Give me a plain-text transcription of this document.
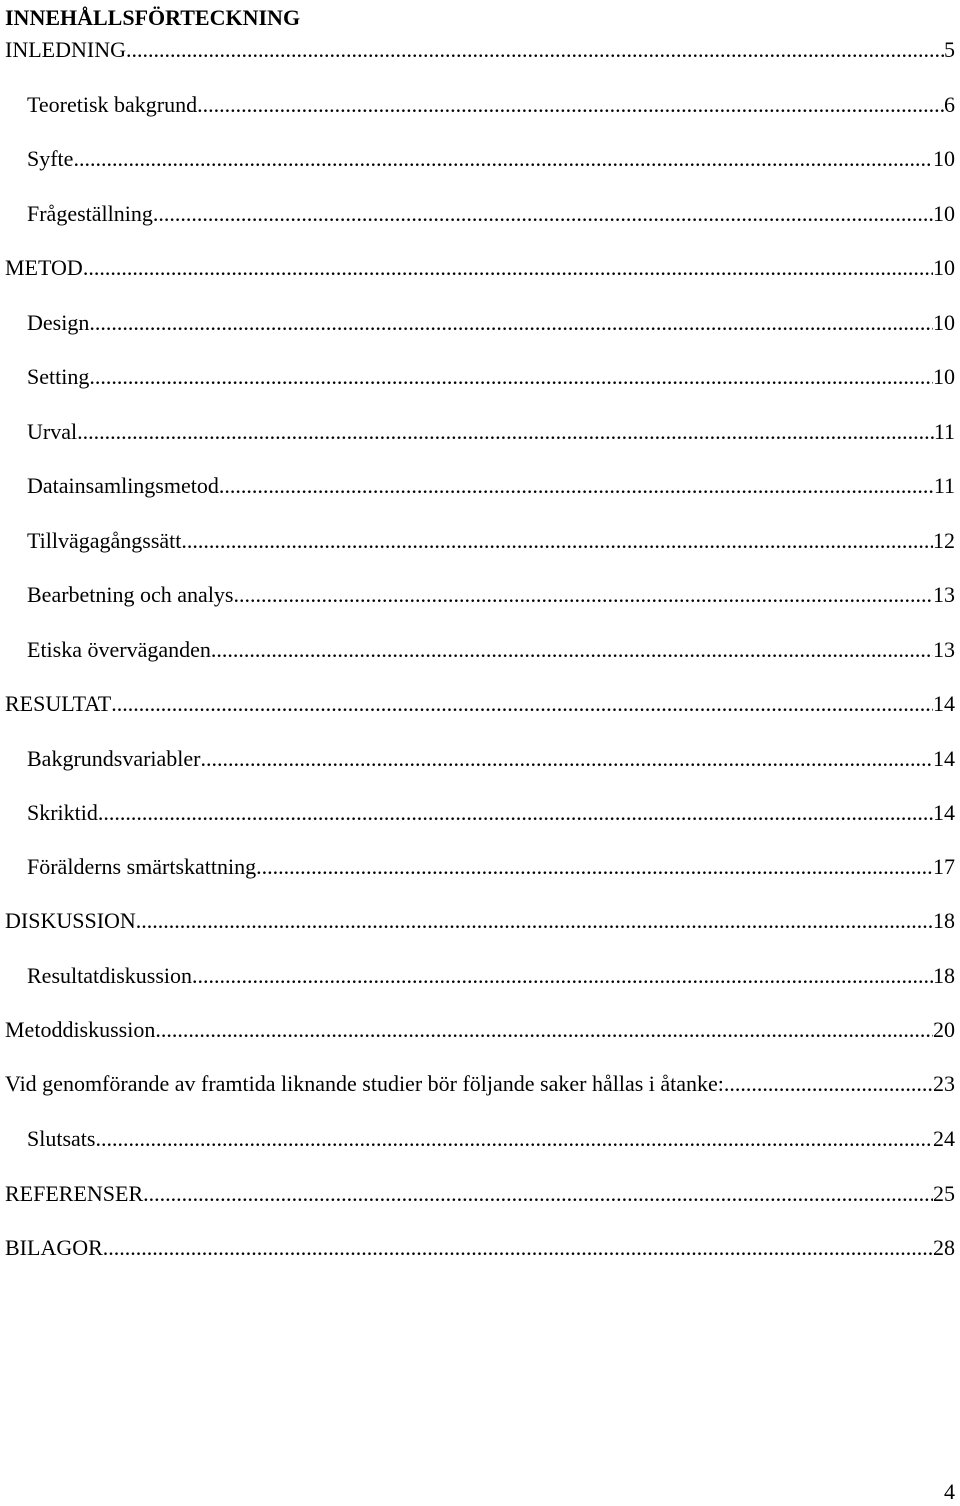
INNEHÅLLSFÖRTECKNING
INLEDNING .....	5
Teoretisk bakgrund .....	6
Syfte .....	10
Frågeställning .....	10
METOD .....	10
Design .....	10
Setting .....	10
Urval .....	11
Datainsamlingsmetod .....	11
Tillvägagångssätt .....	12
Bearbetning och analys .....	13
Etiska överväganden .....	13
RESULTAT .....	14
Bakgrundsvariabler .....	14
Skriktid .....	14
Förälderns smärtskattning .....	17
DISKUSSION .....	18
Resultatdiskussion .....	18
Metoddiskussion .....	20
Vid genomförande av framtida liknande studier bör följande saker hållas i åtanke: .....	23
Slutsats .....	24
REFERENSER .....	25
BILAGOR .....	28
4
